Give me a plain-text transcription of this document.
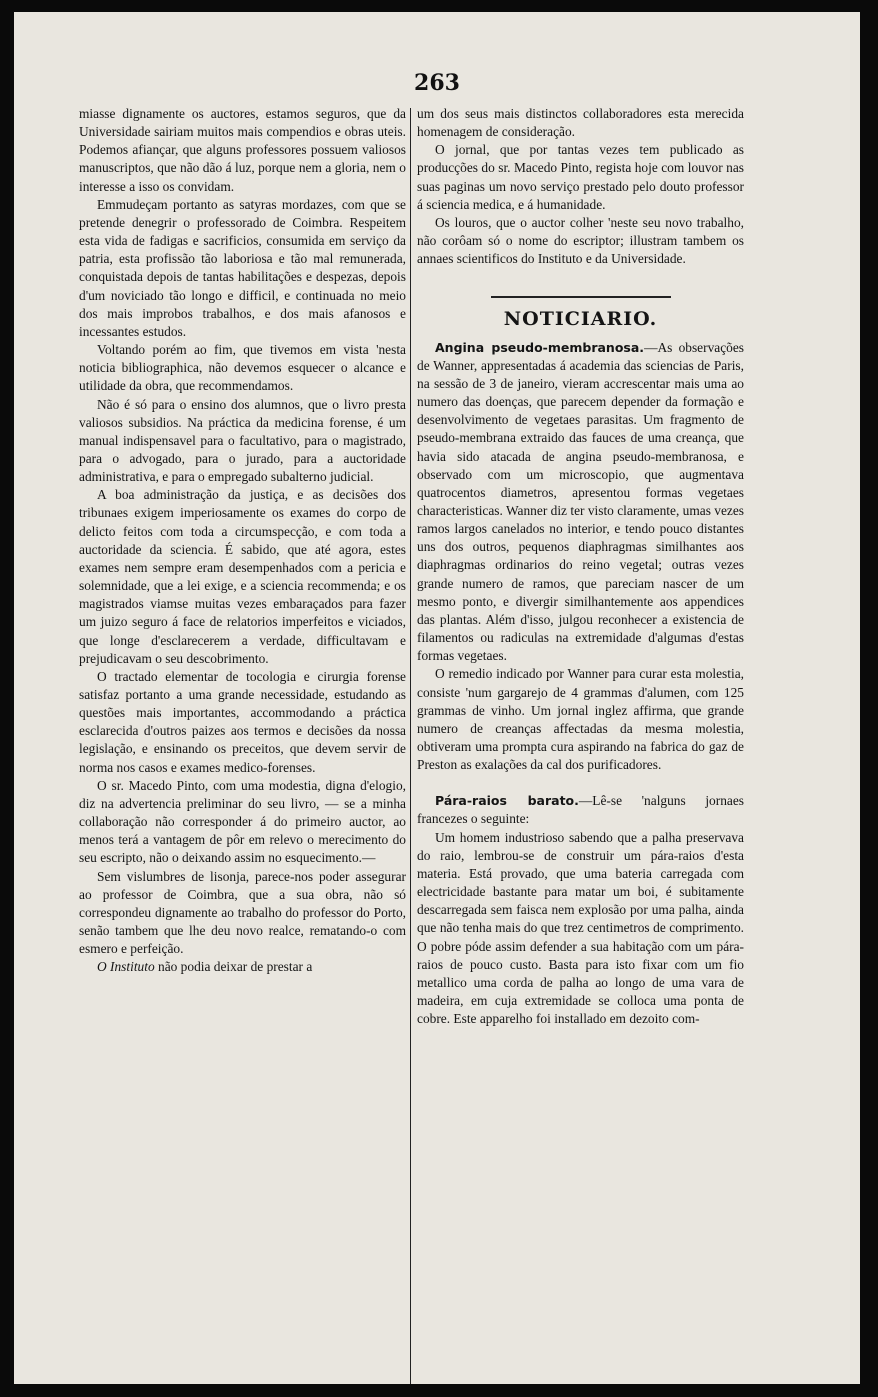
263

miasse dignamente os auctores, estamos seguros, que da Universidade sairiam muitos mais compendios e obras uteis. Podemos afiançar, que alguns professores possuem valiosos manuscriptos, que não dão á luz, porque nem a gloria, nem o interesse a isso os convidam.

Emmudeçam portanto as satyras mordazes, com que se pretende denegrir o professorado de Coimbra. Respeitem esta vida de fadigas e sacrificios, consumida em serviço da patria, esta profissão tão laboriosa e tão mal remunerada, conquistada depois de tantas habilitações e despezas, depois d'um noviciado tão longo e difficil, e continuada no meio dos mais improbos trabalhos, e dos mais afanosos e incessantes estudos.

Voltando porém ao fim, que tivemos em vista 'nesta noticia bibliographica, não devemos esquecer o alcance e utilidade da obra, que recommendamos.

Não é só para o ensino dos alumnos, que o livro presta valiosos subsidios. Na práctica da medicina forense, é um manual indispensavel para o facultativo, para o magistrado, para o advogado, para o jurado, para a auctoridade administrativa, e para o empregado subalterno judicial.

A boa administração da justiça, e as decisões dos tribunaes exigem imperiosamente os exames do corpo de delicto feitos com toda a circumspecção, e com toda a auctoridade da sciencia. É sabido, que até agora, estes exames nem sempre eram desempenhados com a pericia e solemnidade, que a lei exige, e a sciencia recommenda; e os magistrados viamse muitas vezes embaraçados para fazer um juizo seguro á face de relatorios imperfeitos e viciados, que longe d'esclarecerem a verdade, difficultavam e prejudicavam o seu descobrimento.

O tractado elementar de tocologia e cirurgia forense satisfaz portanto a uma grande necessidade, estudando as questões mais importantes, accommodando a práctica esclarecida d'outros paizes aos termos e decisões da nossa legislação, e ensinando os preceitos, que devem servir de norma nos casos e exames medico-forenses.

O sr. Macedo Pinto, com uma modestia, digna d'elogio, diz na advertencia preliminar do seu livro, — se a minha collaboração não corresponder á do primeiro auctor, ao menos terá a vantagem de pôr em relevo o merecimento do seu escripto, não o deixando assim no esquecimento.—

Sem vislumbres de lisonja, parece-nos poder assegurar ao professor de Coimbra, que a sua obra, não só correspondeu dignamente ao trabalho do professor do Porto, senão tambem que lhe deu novo realce, rematando-o com esmero e perfeição.

O Instituto não podia deixar de prestar a

um dos seus mais distinctos collaboradores esta merecida homenagem de consideração.

O jornal, que por tantas vezes tem publicado as producções do sr. Macedo Pinto, regista hoje com louvor nas suas paginas um novo serviço prestado pelo douto professor á sciencia medica, e á humanidade.

Os louros, que o auctor colher 'neste seu novo trabalho, não corôam só o nome do escriptor; illustram tambem os annaes scientificos do Instituto e da Universidade.

NOTICIARIO.

Angina pseudo-membranosa.—As observações de Wanner, appresentadas á academia das sciencias de Paris, na sessão de 3 de janeiro, vieram accrescentar mais uma ao numero das doenças, que parecem depender da formação e desenvolvimento de vegetaes parasitas. Um fragmento de pseudo-membrana extraido das fauces de uma creança, que havia sido atacada de angina pseudo-membranosa, e observado com um microscopio, que augmentava quatrocentos diametros, apresentou formas vegetaes characteristicas. Wanner diz ter visto claramente, umas vezes ramos largos canelados no interior, e tendo pouco distantes uns dos outros, pequenos diaphragmas similhantes aos diaphragmas ordinarios do reino vegetal; outras vezes grande numero de ramos, que pareciam nascer de um mesmo ponto, e divergir similhantemente aos appendices das plantas. Além d'isso, julgou reconhecer a existencia de filamentos ou radiculas na extremidade d'algumas d'estas formas vegetaes.

O remedio indicado por Wanner para curar esta molestia, consiste 'num gargarejo de 4 grammas d'alumen, com 125 grammas de vinho. Um jornal inglez affirma, que grande numero de creanças affectadas da mesma molestia, obtiveram uma prompta cura aspirando na fabrica do gaz de Preston as exalações da cal dos purificadores.

Pára-raios barato.—Lê-se 'nalguns jornaes francezes o seguinte:

Um homem industrioso sabendo que a palha preservava do raio, lembrou-se de construir um pára-raios d'esta materia. Está provado, que uma bateria carregada com electricidade bastante para matar um boi, é subitamente descarregada sem faisca nem explosão por uma palha, ainda que não tenha mais do que trez centimetros de comprimento. O pobre póde assim defender a sua habitação com um pára-raios de pouco custo. Basta para isto fixar com um fio metallico uma corda de palha ao longo de uma vara de madeira, em cuja extremidade se colloca uma ponta de cobre. Este apparelho foi installado em dezoito com-
